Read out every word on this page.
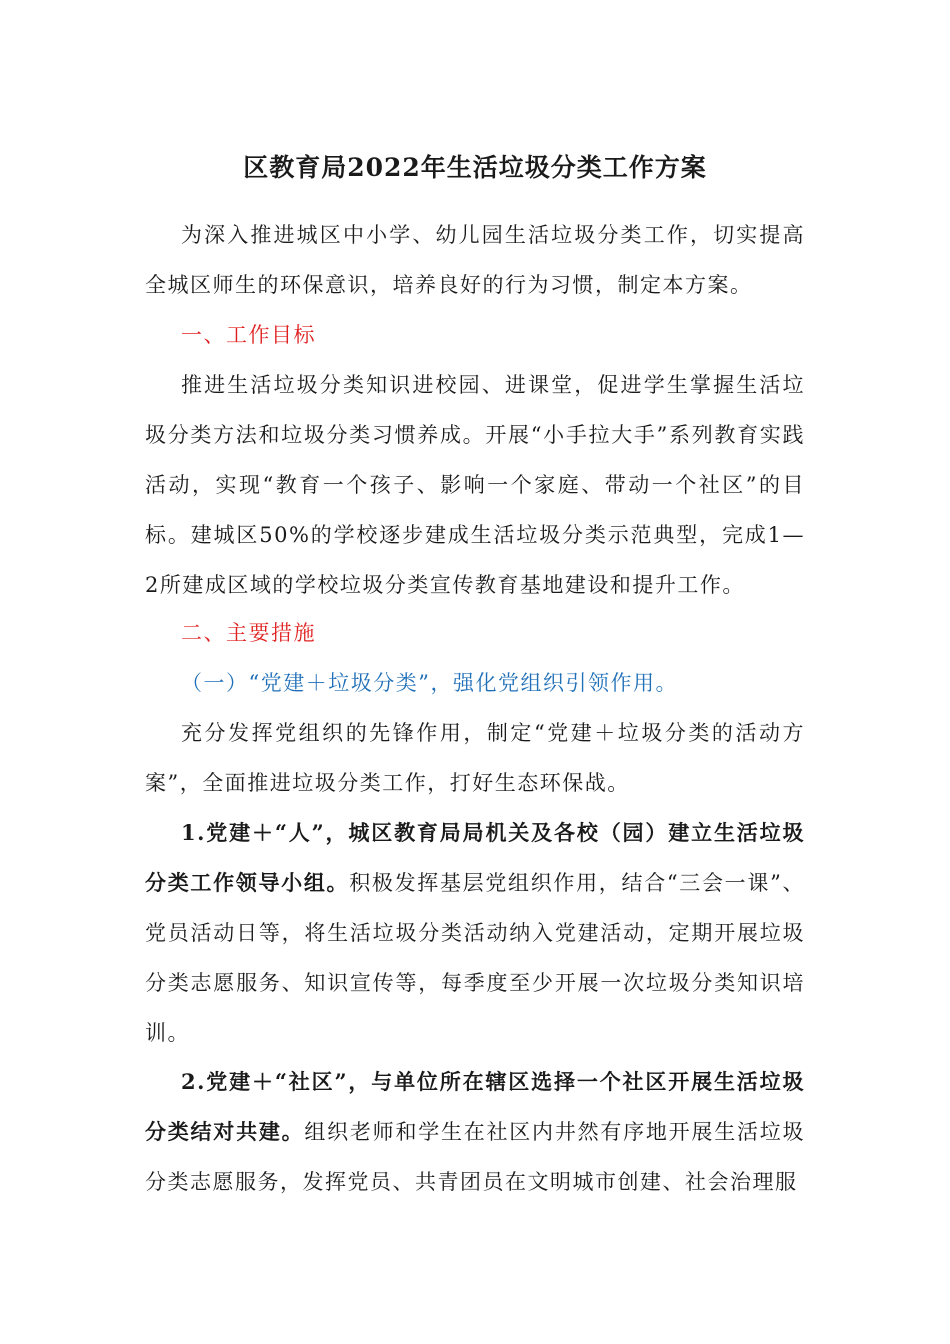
区教育局2022年生活垃圾分类工作方案

为深入推进城区中小学、幼儿园生活垃圾分类工作，切实提高全城区师生的环保意识，培养良好的行为习惯，制定本方案。

一、工作目标

推进生活垃圾分类知识进校园、进课堂，促进学生掌握生活垃圾分类方法和垃圾分类习惯养成。开展“小手拉大手”系列教育实践活动，实现“教育一个孩子、影响一个家庭、带动一个社区”的目标。建城区50%的学校逐步建成生活垃圾分类示范典型，完成1—2所建成区域的学校垃圾分类宣传教育基地建设和提升工作。

二、主要措施

（一）“党建＋垃圾分类”，强化党组织引领作用。

充分发挥党组织的先锋作用，制定“党建＋垃圾分类的活动方案”，全面推进垃圾分类工作，打好生态环保战。

1.党建＋“人”，城区教育局局机关及各校（园）建立生活垃圾分类工作领导小组。积极发挥基层党组织作用，结合“三会一课”、党员活动日等，将生活垃圾分类活动纳入党建活动，定期开展垃圾分类志愿服务、知识宣传等，每季度至少开展一次垃圾分类知识培训。

2.党建＋“社区”，与单位所在辖区选择一个社区开展生活垃圾分类结对共建。组织老师和学生在社区内井然有序地开展生活垃圾分类志愿服务，发挥党员、共青团员在文明城市创建、社会治理服
